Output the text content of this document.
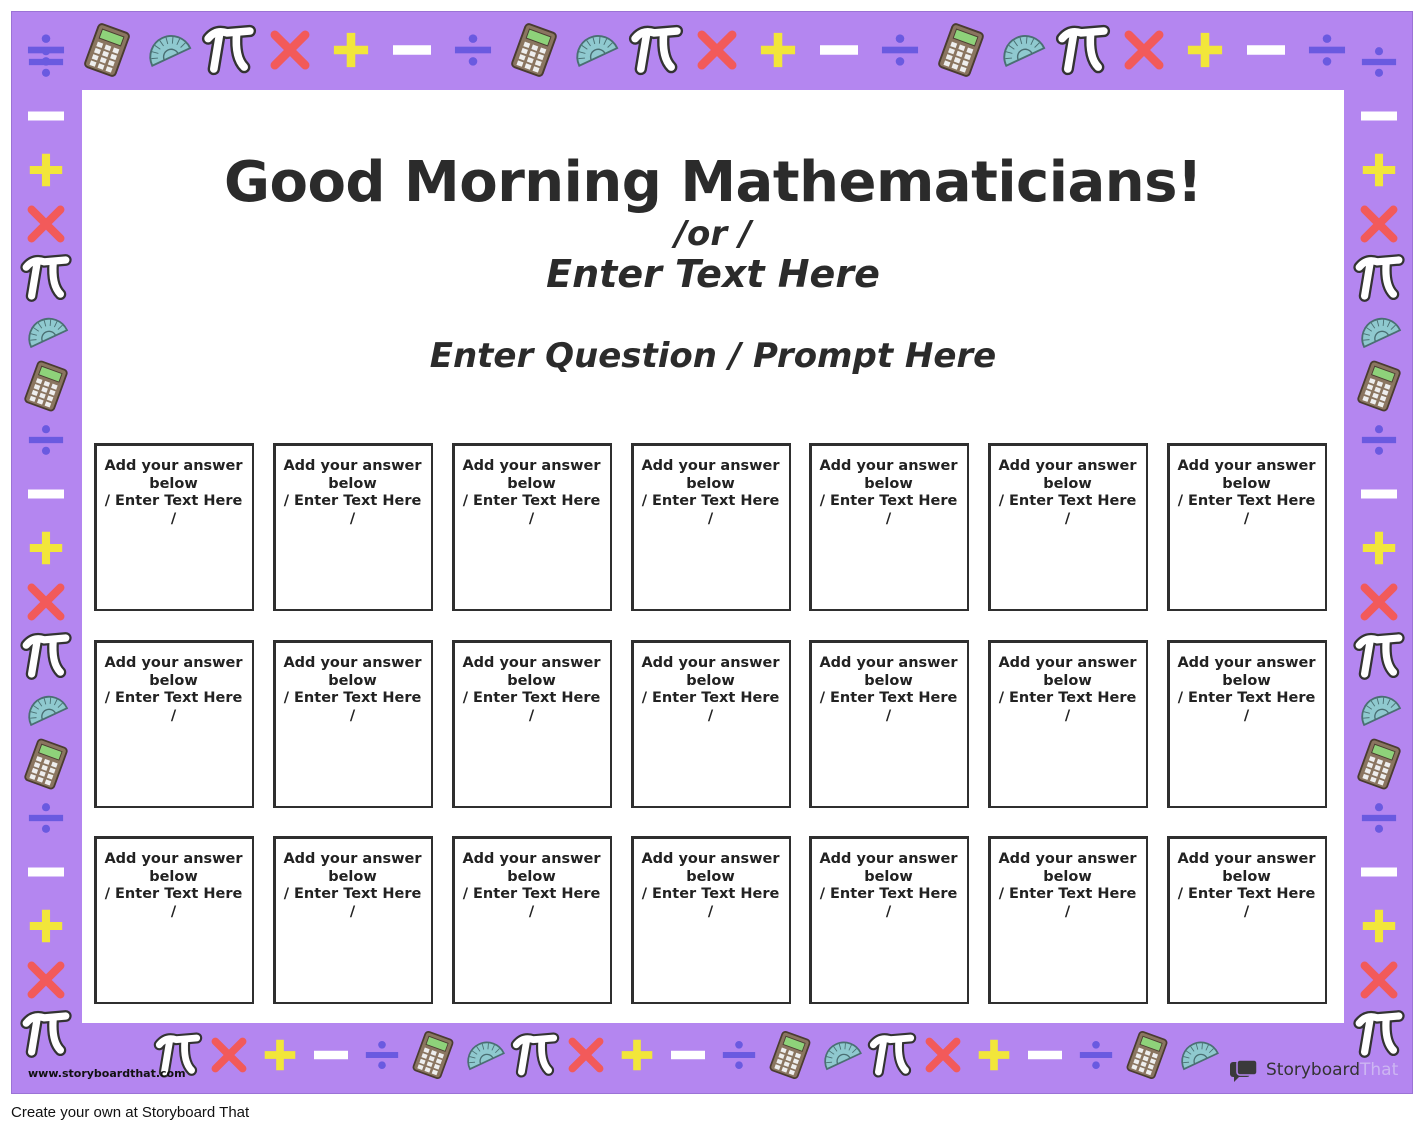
Good Morning Mathematicians!

/or /

Enter Text Here

Enter Question / Prompt Here

Add your answer below
/ Enter Text Here /
Add your answer below
/ Enter Text Here /
Add your answer below
/ Enter Text Here /
Add your answer below
/ Enter Text Here /
Add your answer below
/ Enter Text Here /
Add your answer below
/ Enter Text Here /
Add your answer below
/ Enter Text Here /
Add your answer below
/ Enter Text Here /
Add your answer below
/ Enter Text Here /
Add your answer below
/ Enter Text Here /
Add your answer below
/ Enter Text Here /
Add your answer below
/ Enter Text Here /
Add your answer below
/ Enter Text Here /
Add your answer below
/ Enter Text Here /
Add your answer below
/ Enter Text Here /
Add your answer below
/ Enter Text Here /
Add your answer below
/ Enter Text Here /
Add your answer below
/ Enter Text Here /
Add your answer below
/ Enter Text Here /
Add your answer below
/ Enter Text Here /
Add your answer below
/ Enter Text Here /
www.storyboardthat.com	StoryboardThat
Create your own at Storyboard That
